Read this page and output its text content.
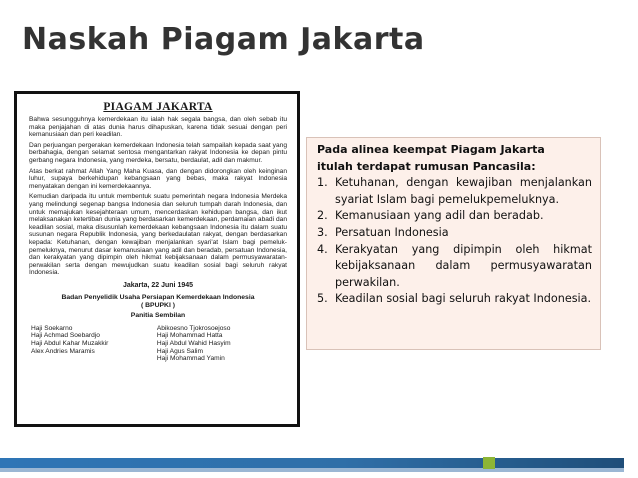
Naskah Piagam Jakarta
PIAGAM JAKARTA

Bahwa sesungguhnya kemerdekaan itu ialah hak segala bangsa, dan oleh sebab itu maka penjajahan di atas dunia harus dihapuskan, karena tidak sesuai dengan peri kemanusiaan dan peri keadilan.

Dan perjuangan pergerakan kemerdekaan Indonesia telah sampailah kepada saat yang berbahagia, dengan selamat sentosa mengantarkan rakyat Indonesia ke depan pintu gerbang negara Indonesia, yang merdeka, bersatu, berdaulat, adil dan makmur.

Atas berkat rahmat Allah Yang Maha Kuasa, dan dengan didorongkan oleh keinginan luhur, supaya berkehidupan kebangsaan yang bebas, maka rakyat Indonesia menyatakan dengan ini kemerdekaannya.

Kemudian daripada itu untuk membentuk suatu pemerintah negara Indonesia Merdeka yang melindungi segenap bangsa Indonesia dan seluruh tumpah darah Indonesia, dan untuk memajukan kesejahteraan umum, mencerdaskan kehidupan bangsa, dan ikut melaksanakan ketertiban dunia yang berdasarkan kemerdekaan, perdamaian abadi dan keadilan sosial, maka disusunlah kemerdekaan kebangsaan Indonesia itu dalam suatu susunan negara Republik Indonesia, yang berkedaulatan rakyat, dengan berdasarkan kepada: Ketuhanan, dengan kewajiban menjalankan syari'at Islam bagi pemeluk-pemeluknya, menurut dasar kemanusiaan yang adil dan beradab, persatuan Indonesia, dan kerakyatan yang dipimpin oleh hikmat kebijaksanaan dalam permusyawaratan-perwakilan serta dengan mewujudkan suatu keadilan sosial bagi seluruh rakyat Indonesia.

Jakarta, 22 Juni 1945
Badan Penyelidik Usaha Persiapan Kemerdekaan Indonesia
( BPUPKI )
Panitia Sembilan
Haji Soekarno
Haji Achmad Soebardjo
Haji Abdul Kahar Muzakkir
Alex Andries Maramis
Abikoesno Tjokrosoejoso
Haji Mohammad Hatta
Haji Abdul Wahid Hasyim
Haji Agus Salim
Haji Mohammad Yamin
Pada alinea keempat Piagam Jakarta
itulah terdapat rumusan Pancasila:
1. Ketuhanan, dengan kewajiban menjalankan syariat Islam bagi pemelukpemeluknya.
2. Kemanusiaan yang adil dan beradab.
3. Persatuan Indonesia
4. Kerakyatan yang dipimpin oleh hikmat kebijaksanaan dalam permusyawaratan perwakilan.
5. Keadilan sosial bagi seluruh rakyat Indonesia.
